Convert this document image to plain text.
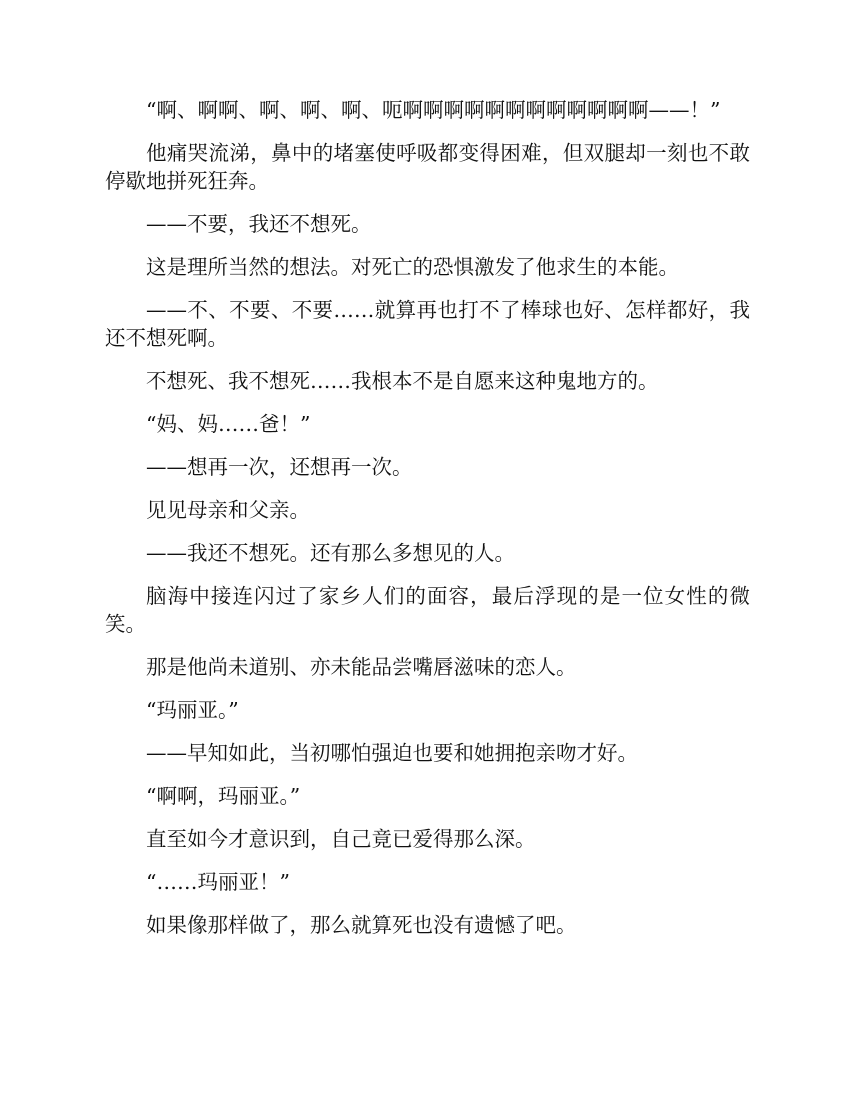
“啊、啊啊、啊、啊、啊、呃啊啊啊啊啊啊啊啊啊啊啊啊——！”

他痛哭流涕，鼻中的堵塞使呼吸都变得困难，但双腿却一刻也不敢停歇地拼死狂奔。

——不要，我还不想死。

这是理所当然的想法。对死亡的恐惧激发了他求生的本能。

——不、不要、不要……就算再也打不了棒球也好、怎样都好，我还不想死啊。

不想死、我不想死……我根本不是自愿来这种鬼地方的。

“妈、妈……爸！”

——想再一次，还想再一次。

见见母亲和父亲。

——我还不想死。还有那么多想见的人。

脑海中接连闪过了家乡人们的面容，最后浮现的是一位女性的微笑。

那是他尚未道别、亦未能品尝嘴唇滋味的恋人。

“玛丽亚。”

——早知如此，当初哪怕强迫也要和她拥抱亲吻才好。

“啊啊，玛丽亚。”

直至如今才意识到，自己竟已爱得那么深。

“……玛丽亚！”

如果像那样做了，那么就算死也没有遗憾了吧。
